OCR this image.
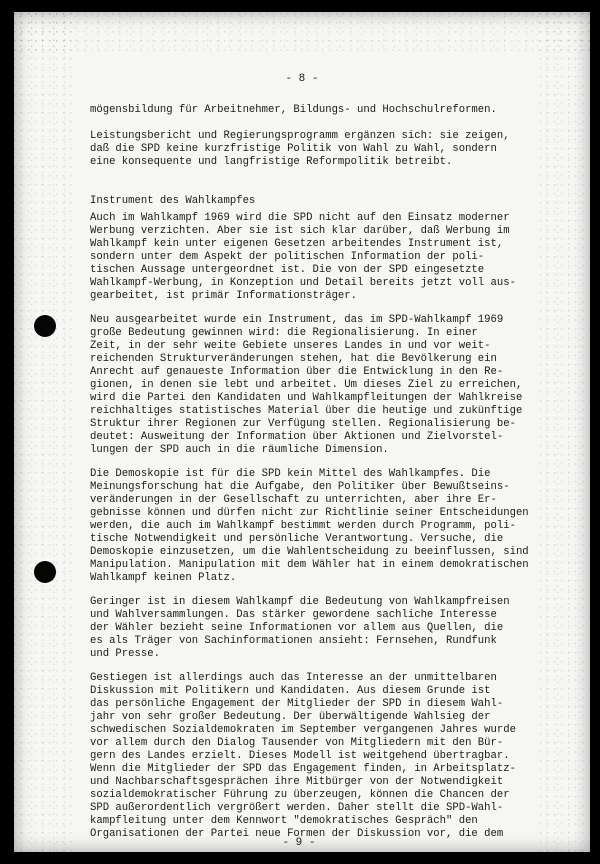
- 8 -
mögensbildung für Arbeitnehmer, Bildungs- und Hochschulreformen.
Leistungsbericht und Regierungsprogramm ergänzen sich: sie zeigen,
daß die SPD keine kurzfristige Politik von Wahl zu Wahl, sondern
eine konsequente und langfristige Reformpolitik betreibt.
Instrument des Wahlkampfes
Auch im Wahlkampf 1969 wird die SPD nicht auf den Einsatz moderner
Werbung verzichten. Aber sie ist sich klar darüber, daß Werbung im
Wahlkampf kein unter eigenen Gesetzen arbeitendes Instrument ist,
sondern unter dem Aspekt der politischen Information der poli-
tischen Aussage untergeordnet ist. Die von der SPD eingesetzte
Wahlkampf-Werbung, in Konzeption und Detail bereits jetzt voll aus-
gearbeitet, ist primär Informationsträger.
Neu ausgearbeitet wurde ein Instrument, das im SPD-Wahlkampf 1969
große Bedeutung gewinnen wird: die Regionalisierung. In einer
Zeit, in der sehr weite Gebiete unseres Landes in und vor weit-
reichenden Strukturveränderungen stehen, hat die Bevölkerung ein
Anrecht auf genaueste Information über die Entwicklung in den Re-
gionen, in denen sie lebt und arbeitet. Um dieses Ziel zu erreichen,
wird die Partei den Kandidaten und Wahlkampfleitungen der Wahlkreise
reichhaltiges statistisches Material über die heutige und zukünftige
Struktur ihrer Regionen zur Verfügung stellen. Regionalisierung be-
deutet: Ausweitung der Information über Aktionen und Zielvorstel-
lungen der SPD auch in die räumliche Dimension.
Die Demoskopie ist für die SPD kein Mittel des Wahlkampfes. Die
Meinungsforschung hat die Aufgabe, den Politiker über Bewußtseins-
veränderungen in der Gesellschaft zu unterrichten, aber ihre Er-
gebnisse können und dürfen nicht zur Richtlinie seiner Entscheidungen
werden, die auch im Wahlkampf bestimmt werden durch Programm, poli-
tische Notwendigkeit und persönliche Verantwortung. Versuche, die
Demoskopie einzusetzen, um die Wahlentscheidung zu beeinflussen, sind
Manipulation. Manipulation mit dem Wähler hat in einem demokratischen
Wahlkampf keinen Platz.
Geringer ist in diesem Wahlkampf die Bedeutung von Wahlkampfreisen
und Wahlversammlungen. Das stärker gewordene sachliche Interesse
der Wähler bezieht seine Informationen vor allem aus Quellen, die
es als Träger von Sachinformationen ansieht: Fernsehen, Rundfunk
und Presse.
Gestiegen ist allerdings auch das Interesse an der unmittelbaren
Diskussion mit Politikern und Kandidaten. Aus diesem Grunde ist
das persönliche Engagement der Mitglieder der SPD in diesem Wahl-
jahr von sehr großer Bedeutung. Der überwältigende Wahlsieg der
schwedischen Sozialdemokraten im September vergangenen Jahres wurde
vor allem durch den Dialog Tausender von Mitgliedern mit den Bür-
gern des Landes erzielt. Dieses Modell ist weitgehend übertragbar.
Wenn die Mitglieder der SPD das Engagement finden, in Arbeitsplatz-
und Nachbarschaftsgesprächen ihre Mitbürger von der Notwendigkeit
sozialdemokratischer Führung zu überzeugen, können die Chancen der
SPD außerordentlich vergrößert werden. Daher stellt die SPD-Wahl-
kampfleitung unter dem Kennwort "demokratisches Gespräch" den
Organisationen der Partei neue Formen der Diskussion vor, die dem
- 9 -
